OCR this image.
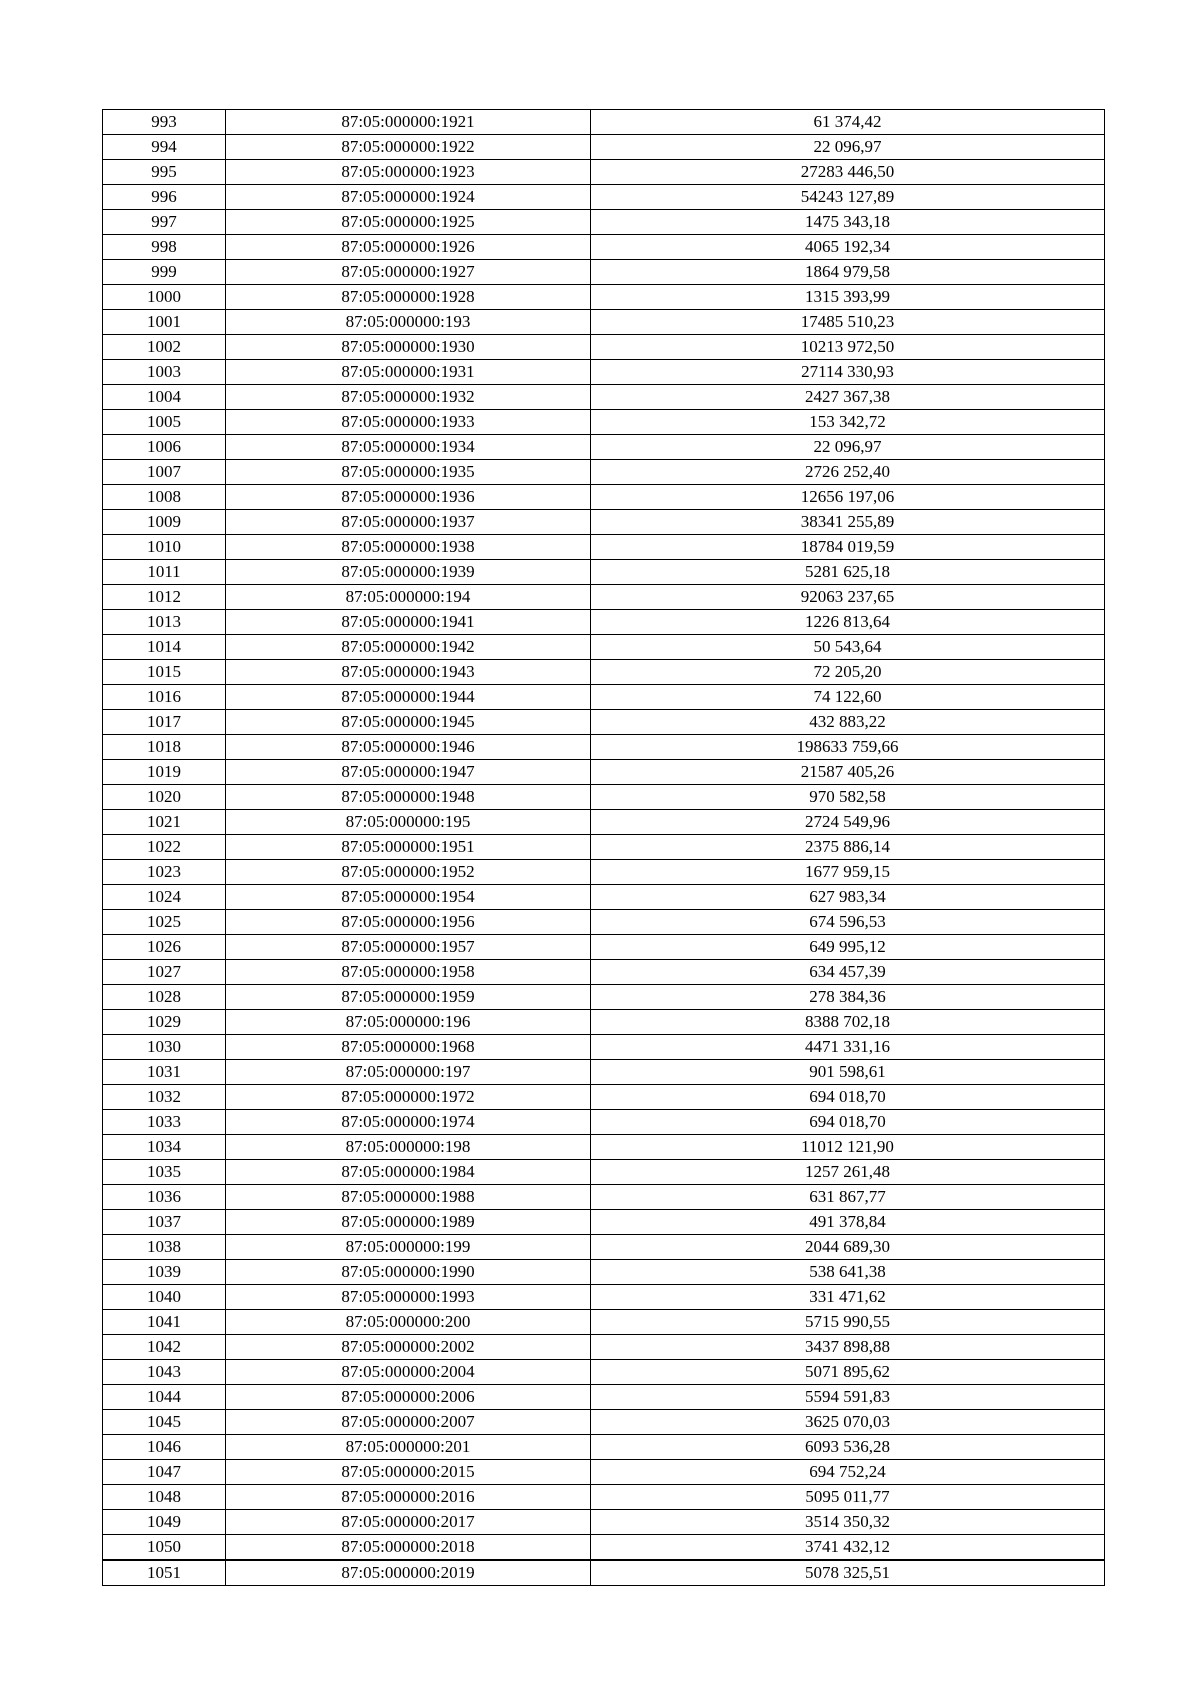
993	87:05:000000:1921	61 374,42
994	87:05:000000:1922	22 096,97
995	87:05:000000:1923	27283 446,50
996	87:05:000000:1924	54243 127,89
997	87:05:000000:1925	1475 343,18
998	87:05:000000:1926	4065 192,34
999	87:05:000000:1927	1864 979,58
1000	87:05:000000:1928	1315 393,99
1001	87:05:000000:193	17485 510,23
1002	87:05:000000:1930	10213 972,50
1003	87:05:000000:1931	27114 330,93
1004	87:05:000000:1932	2427 367,38
1005	87:05:000000:1933	153 342,72
1006	87:05:000000:1934	22 096,97
1007	87:05:000000:1935	2726 252,40
1008	87:05:000000:1936	12656 197,06
1009	87:05:000000:1937	38341 255,89
1010	87:05:000000:1938	18784 019,59
1011	87:05:000000:1939	5281 625,18
1012	87:05:000000:194	92063 237,65
1013	87:05:000000:1941	1226 813,64
1014	87:05:000000:1942	50 543,64
1015	87:05:000000:1943	72 205,20
1016	87:05:000000:1944	74 122,60
1017	87:05:000000:1945	432 883,22
1018	87:05:000000:1946	198633 759,66
1019	87:05:000000:1947	21587 405,26
1020	87:05:000000:1948	970 582,58
1021	87:05:000000:195	2724 549,96
1022	87:05:000000:1951	2375 886,14
1023	87:05:000000:1952	1677 959,15
1024	87:05:000000:1954	627 983,34
1025	87:05:000000:1956	674 596,53
1026	87:05:000000:1957	649 995,12
1027	87:05:000000:1958	634 457,39
1028	87:05:000000:1959	278 384,36
1029	87:05:000000:196	8388 702,18
1030	87:05:000000:1968	4471 331,16
1031	87:05:000000:197	901 598,61
1032	87:05:000000:1972	694 018,70
1033	87:05:000000:1974	694 018,70
1034	87:05:000000:198	11012 121,90
1035	87:05:000000:1984	1257 261,48
1036	87:05:000000:1988	631 867,77
1037	87:05:000000:1989	491 378,84
1038	87:05:000000:199	2044 689,30
1039	87:05:000000:1990	538 641,38
1040	87:05:000000:1993	331 471,62
1041	87:05:000000:200	5715 990,55
1042	87:05:000000:2002	3437 898,88
1043	87:05:000000:2004	5071 895,62
1044	87:05:000000:2006	5594 591,83
1045	87:05:000000:2007	3625 070,03
1046	87:05:000000:201	6093 536,28
1047	87:05:000000:2015	694 752,24
1048	87:05:000000:2016	5095 011,77
1049	87:05:000000:2017	3514 350,32
1050	87:05:000000:2018	3741 432,12
1051	87:05:000000:2019	5078 325,51
